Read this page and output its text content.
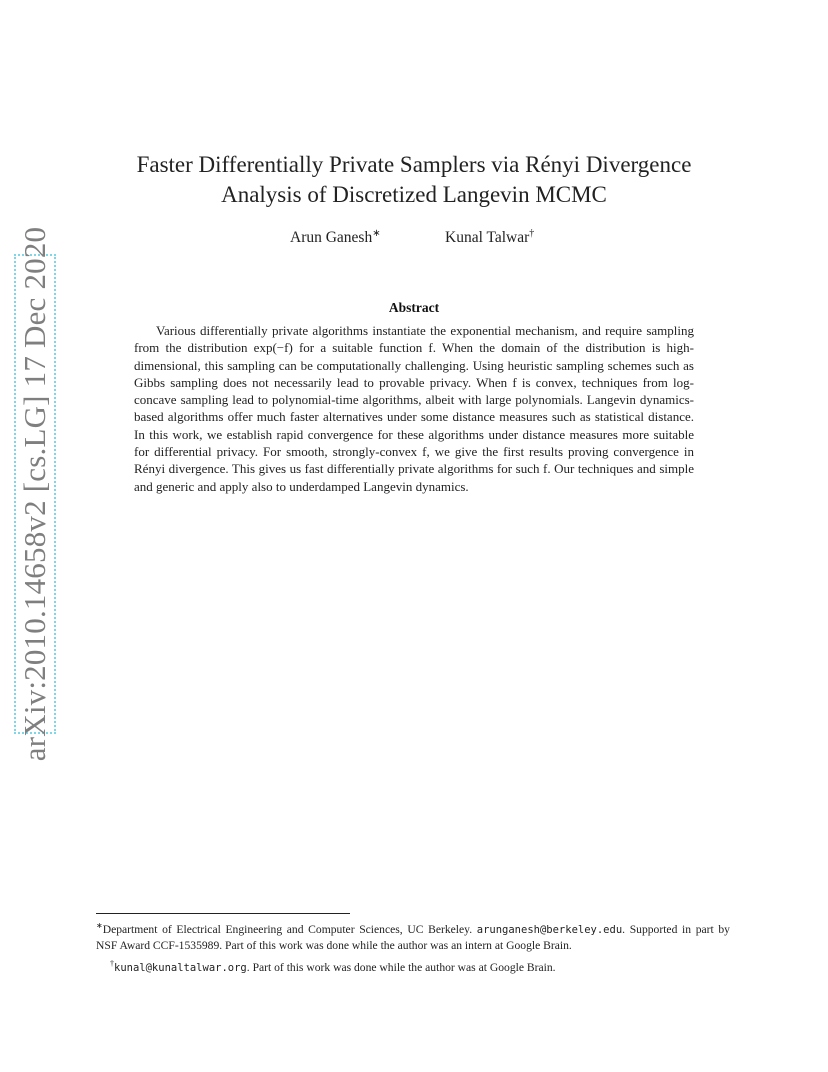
arXiv:2010.14658v2 [cs.LG] 17 Dec 2020
Faster Differentially Private Samplers via Rényi Divergence
Analysis of Discretized Langevin MCMC
Arun Ganesh∗	Kunal Talwar†
Abstract
Various differentially private algorithms instantiate the exponential mechanism, and require sampling from the distribution exp(−f) for a suitable function f. When the domain of the distribution is high-dimensional, this sampling can be computationally challenging. Using heuristic sampling schemes such as Gibbs sampling does not necessarily lead to provable privacy. When f is convex, techniques from log-concave sampling lead to polynomial-time algorithms, albeit with large polynomials. Langevin dynamics-based algorithms offer much faster alternatives under some distance measures such as statistical distance. In this work, we establish rapid convergence for these algorithms under distance measures more suitable for differential privacy. For smooth, strongly-convex f, we give the first results proving convergence in Rényi divergence. This gives us fast differentially private algorithms for such f. Our techniques and simple and generic and apply also to underdamped Langevin dynamics.

∗Department of Electrical Engineering and Computer Sciences, UC Berkeley. arunganesh@berkeley.edu. Supported in part by NSF Award CCF-1535989. Part of this work was done while the author was an intern at Google Brain.

†kunal@kunaltalwar.org. Part of this work was done while the author was at Google Brain.
